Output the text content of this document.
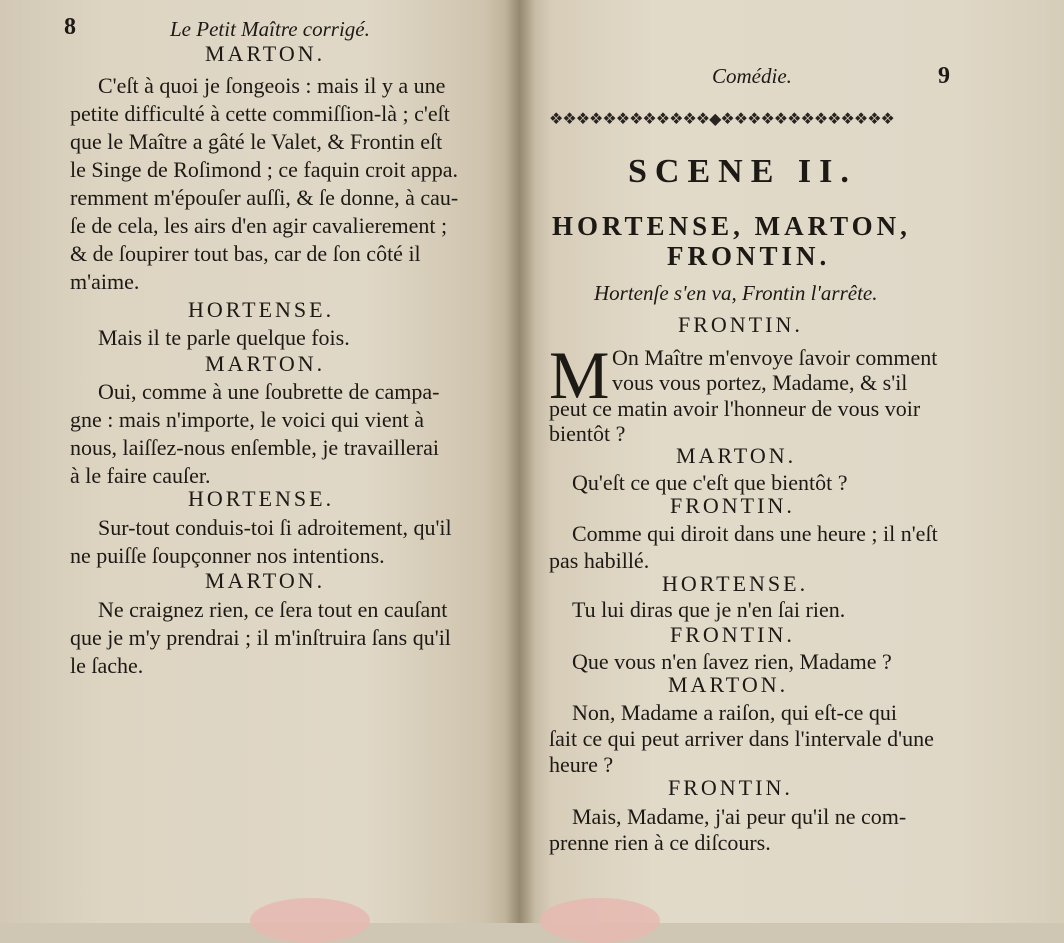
8	Le Petit Maître corrigé.
MARTON.
C'eſt à quoi je ſongeois : mais il y a une
petite difficulté à cette commiſſion-là ; c'eſt
que le Maître a gâté le Valet, & Frontin eſt
le Singe de Roſimond ; ce faquin croit appa.
remment m'épouſer auſſi, & ſe donne, à cau-
ſe de cela, les airs d'en agir cavalierement ;
& de ſoupirer tout bas, car de ſon côté il
m'aime.
HORTENSE.
Mais il te parle quelque fois.
MARTON.
Oui, comme à une ſoubrette de campa-
gne : mais n'importe, le voici qui vient à
nous, laiſſez-nous enſemble, je travaillerai
à le faire cauſer.
HORTENSE.
Sur-tout conduis-toi ſi adroitement, qu'il
ne puiſſe ſoupçonner nos intentions.
MARTON.
Ne craignez rien, ce ſera tout en cauſant
que je m'y prendrai ; il m'inſtruira ſans qu'il
le ſache.
Comédie.	9
❖❖❖❖❖❖❖❖❖❖❖❖◆❖❖❖❖❖❖❖❖❖❖❖❖❖
SCENE II.
HORTENSE, MARTON,
FRONTIN.
Hortenſe s'en va, Frontin l'arrête.
FRONTIN.
M On Maître m'envoye ſavoir comment
vous vous portez, Madame, & s'il
peut ce matin avoir l'honneur de vous voir
bientôt ?
MARTON.
Qu'eſt ce que c'eſt que bientôt ?
FRONTIN.
Comme qui diroit dans une heure ; il n'eſt
pas habillé.
HORTENSE.
Tu lui diras que je n'en ſai rien.
FRONTIN.
Que vous n'en ſavez rien, Madame ?
MARTON.
Non, Madame a raiſon, qui eſt-ce qui
ſait ce qui peut arriver dans l'intervale d'une
heure ?
FRONTIN.
Mais, Madame, j'ai peur qu'il ne com-
prenne rien à ce diſcours.
